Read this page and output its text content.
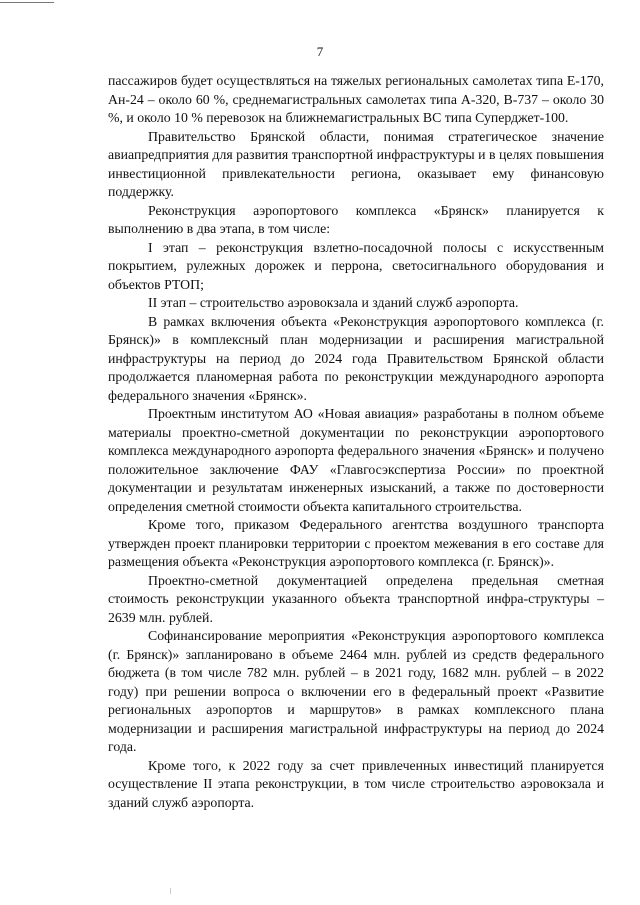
7

пассажиров будет осуществляться на тяжелых региональных самолетах типа Е-170, Ан-24 – около 60 %, среднемагистральных самолетах типа А-320, В-737 – около 30 %, и около 10 % перевозок на ближнемагистральных ВС типа Суперджет-100.

Правительство Брянской области, понимая стратегическое значение авиапредприятия для развития транспортной инфраструктуры и в целях повышения инвестиционной привлекательности региона, оказывает ему финансовую поддержку.

Реконструкция аэропортового комплекса «Брянск» планируется к выполнению в два этапа, в том числе:

I этап – реконструкция взлетно-посадочной полосы с искусственным покрытием, рулежных дорожек и перрона, светосигнального оборудования и объектов РТОП;

II этап – строительство аэровокзала и зданий служб аэропорта.

В рамках включения объекта «Реконструкция аэропортового комплекса (г. Брянск)» в комплексный план модернизации и расширения магистральной инфраструктуры на период до 2024 года Правительством Брянской области продолжается планомерная работа по реконструкции международного аэропорта федерального значения «Брянск».

Проектным институтом АО «Новая авиация» разработаны в полном объеме материалы проектно-сметной документации по реконструкции аэропортового комплекса международного аэропорта федерального значения «Брянск» и получено положительное заключение ФАУ «Главгосэкспертиза России» по проектной документации и результатам инженерных изысканий, а также по достоверности определения сметной стоимости объекта капитального строительства.

Кроме того, приказом Федерального агентства воздушного транспорта утвержден проект планировки территории с проектом межевания в его составе для размещения объекта «Реконструкция аэропортового комплекса (г. Брянск)».

Проектно-сметной документацией определена предельная сметная стоимость реконструкции указанного объекта транспортной инфра-структуры – 2639 млн. рублей.

Софинансирование мероприятия «Реконструкция аэропортового комплекса (г. Брянск)» запланировано в объеме 2464 млн. рублей из средств федерального бюджета (в том числе 782 млн. рублей – в 2021 году, 1682 млн. рублей – в 2022 году) при решении вопроса о включении его в федеральный проект «Развитие региональных аэропортов и маршрутов» в рамках комплексного плана модернизации и расширения магистральной инфраструктуры на период до 2024 года.

Кроме того, к 2022 году за счет привлеченных инвестиций планируется осуществление II этапа реконструкции, в том числе строительство аэровокзала и зданий служб аэропорта.
